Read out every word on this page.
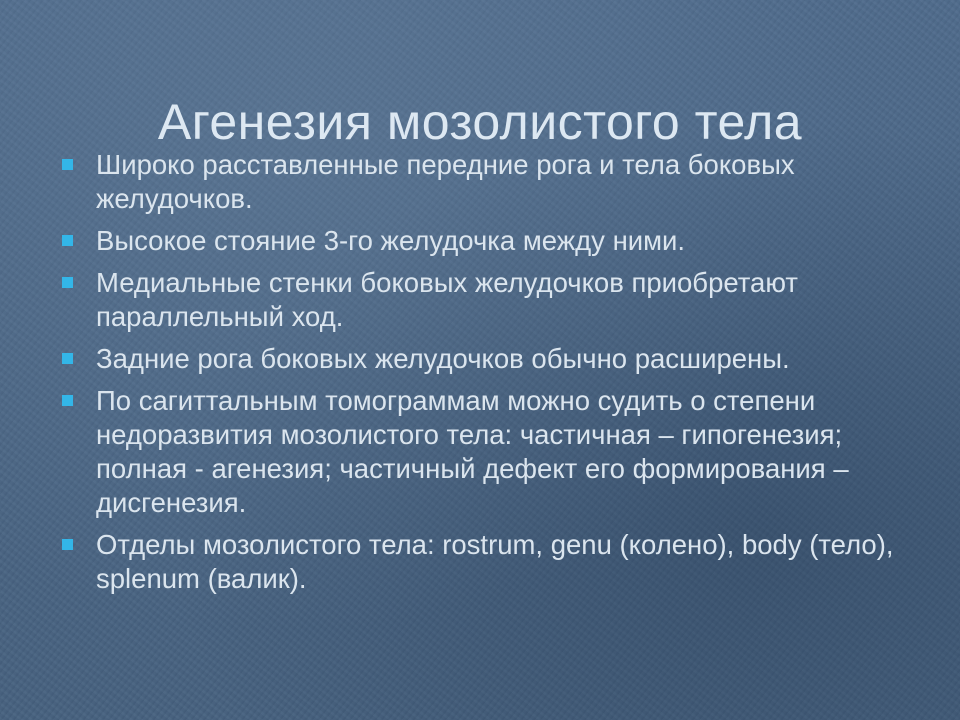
Агенезия мозолистого тела
Широко расставленные передние рога и тела боковых желудочков.
Высокое стояние 3-го желудочка между ними.
Медиальные стенки боковых желудочков приобретают параллельный ход.
Задние рога боковых желудочков обычно расширены.
По сагиттальным томограммам можно судить о степени недоразвития мозолистого тела: частичная – гипогенезия; полная - агенезия; частичный дефект его формирования – дисгенезия.
Отделы мозолистого тела: rostrum, genu (колено), body (тело), splenum (валик).
